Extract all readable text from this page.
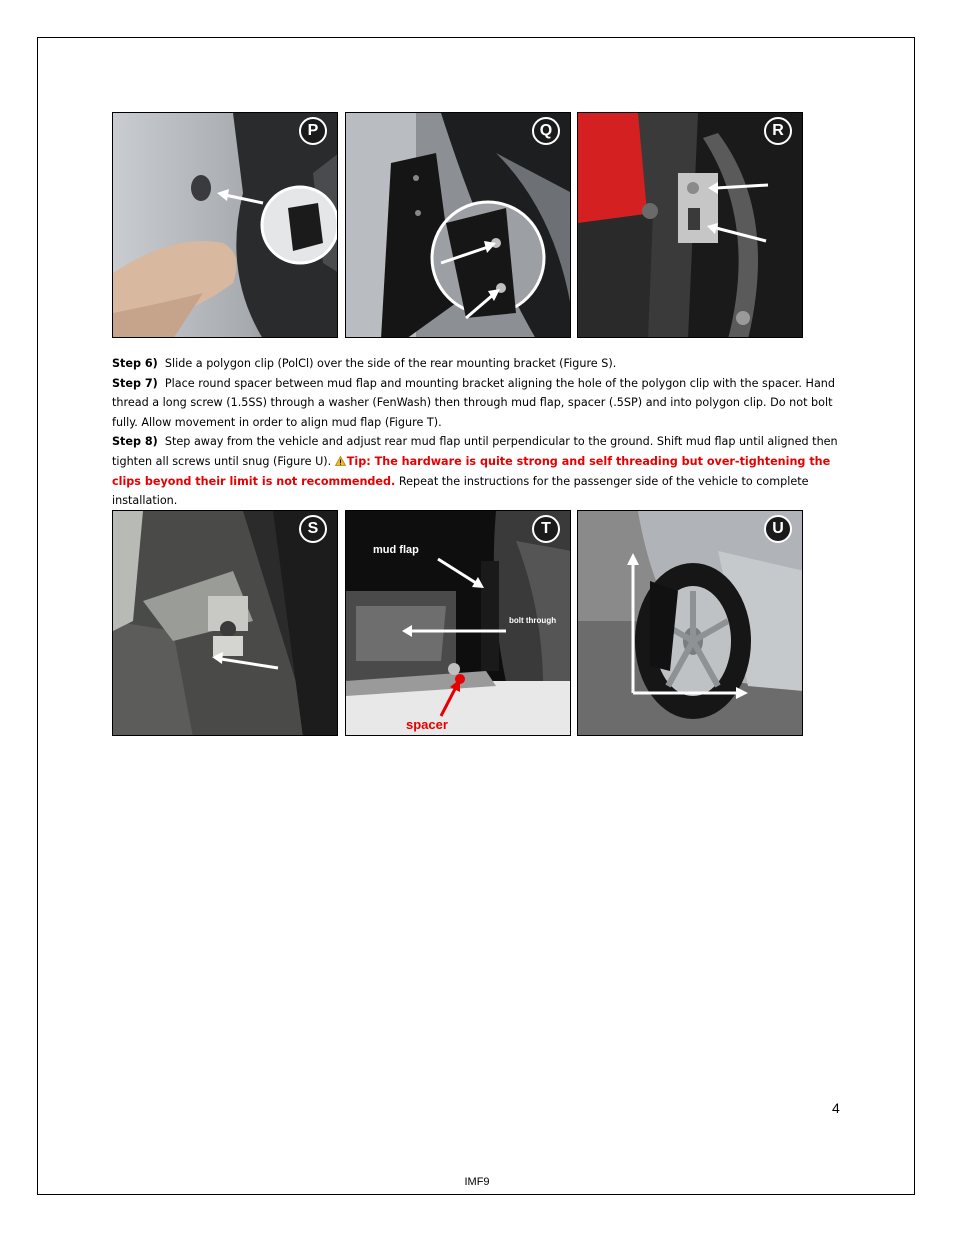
P	Q	R

Step 6) Slide a polygon clip (PolCl) over the side of the rear mounting bracket (Figure S).

Step 7) Place round spacer between mud flap and mounting bracket aligning the hole of the polygon clip with the spacer. Hand thread a long screw (1.5SS) through a washer (FenWash) then through mud flap, spacer (.5SP) and into polygon clip. Do not bolt fully. Allow movement in order to align mud flap (Figure T).

Step 8) Step away from the vehicle and adjust rear mud flap until perpendicular to the ground. Shift mud flap until aligned then tighten all screws until snug (Figure U). Tip: The hardware is quite strong and self threading but over-tightening the clips beyond their limit is not recommended. Repeat the instructions for the passenger side of the vehicle to complete installation.

S
mud flap
bolt through
spacer
T	U
4
IMF9
